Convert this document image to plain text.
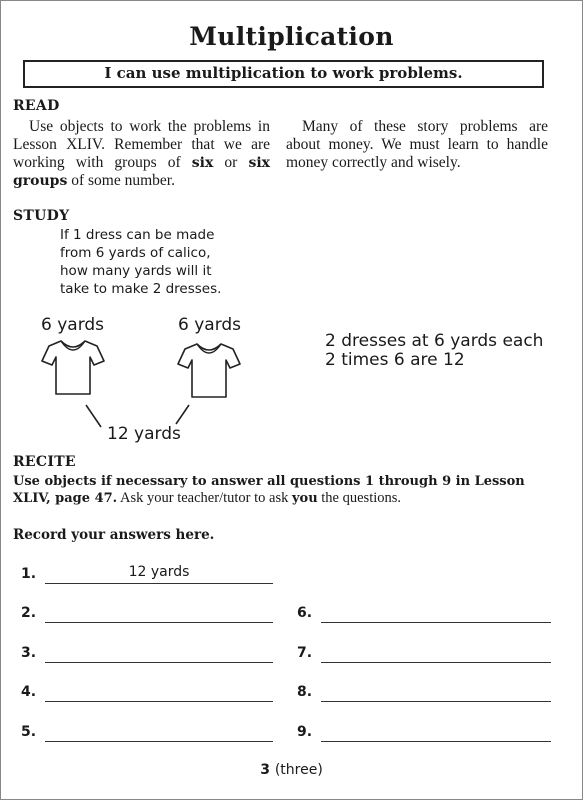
Multiplication
I can use multiplication to work problems.
READ

Use objects to work the problems in Lesson XLIV. Remember that we are working with groups of six or six groups of some number.

Many of these story problems are about money. We must learn to handle money correctly and wisely.

STUDY
If 1 dress can be made from 6 yards of calico, how many yards will it take to make 2 dresses.
6 yards	6 yards
12 yards
2 dresses at 6 yards each
2 times 6 are 12
RECITE
Use objects if necessary to answer all questions 1 through 9 in Lesson XLIV, page 47. Ask your teacher/tutor to ask you the questions.
Record your answers here.
1.	12 yards
2.
3.
4.
5.
6.
7.
8.
9.
3 (three)
